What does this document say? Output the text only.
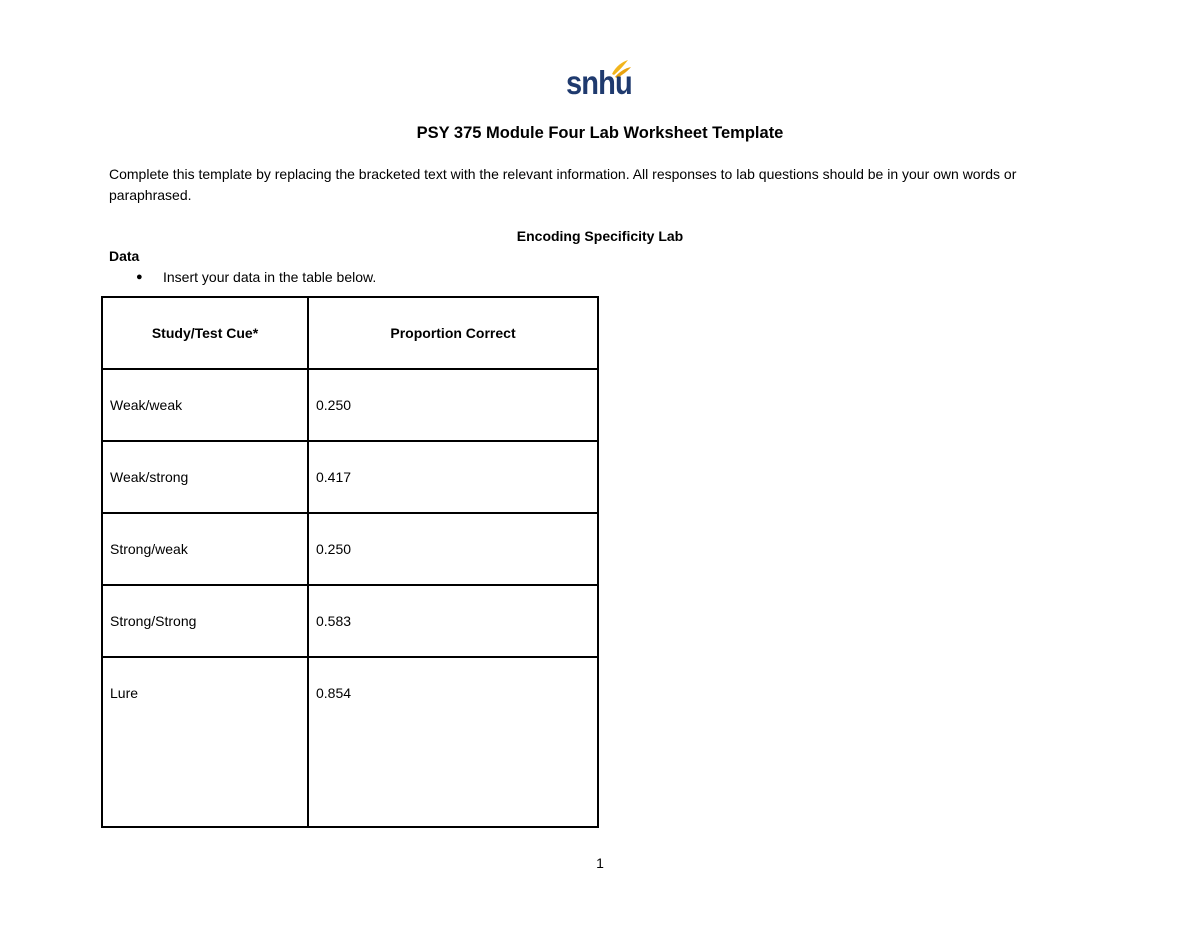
snhu
PSY 375 Module Four Lab Worksheet Template
Complete this template by replacing the bracketed text with the relevant information. All responses to lab questions should be in your own words or paraphrased.
Encoding Specificity Lab
Data
●	Insert your data in the table below.
Study/Test Cue*	Proportion Correct
Weak/weak	0.250
Weak/strong	0.417
Strong/weak	0.250
Strong/Strong	0.583
Lure	0.854
1
